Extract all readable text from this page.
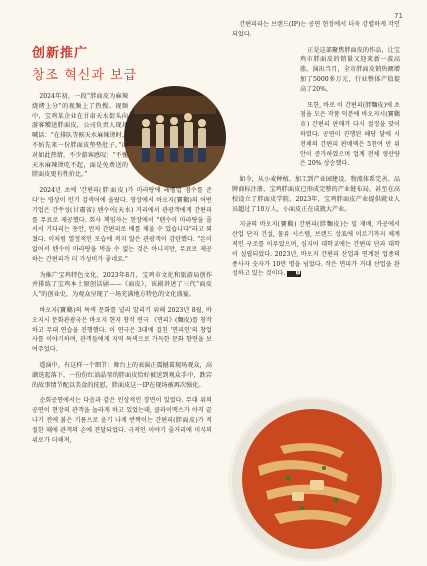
71
创新推广
창조 혁신과 보급

2024年初，一段“胖面皮为麻辣烧烤上分”的视频上了热搜。视频中，宝鸡某企业在甘肃天水街头向游客赠送胖面皮，公司负责人现场喊话：“在排队等候天水麻辣烫时，不妨先来一份胖面皮垫垫肚子。”面对如此热情，不少游客感叹：“不愧天水麻辣烫吃不起，面是免费送的胖面皮更有性价比。”

2024년 초에 '간편피(胖面皮)가 마라탕에 레벨업 점수를 준다'는 영상이 인기 검색어에 올랐다. 영상에서 바오지(寶鷄)의 어떤 기업은 간쑤성(甘肅省) 톈수이(天水) 거리에서 관광객에게 간편피를 무료로 제공했다. 회사 책임자는 현장에서 "텐수이 마라탕을 줄 서서 기다리는 동안, 먼저 간편피로 배를 채울 수 있습니다"라고 외쳤다. 이처럼 열정적인 모습에 적지 않은 관광객이 감탄했다. "돈이 없어서 텐수이 마라탕을 먹을 수 없는 것은 아니지만, 무료로 제공하는 간편피가 더 가성비가 좋네요."

为推广宝鸡特色文化，2023年8月，宝鸡市文化和旅游局创作并排练了宝鸡本土原创话剧——《面皮》，该剧讲述了三代“面皮人”的创业史，为观众呈现了一场充满地方特色的文化盛宴。

바오지(寶鷄)의 특색 문화를 널리 알리기 위해 2023년 8월, 바오지시 문화관광국은 바오지 현지 창작 연극 《면피》(麵皮)를 창작하고 무대 연습을 진행했다. 이 연극은 3대에 걸친 '면피인'의 창업사를 이야기하며, 관객들에게 지역 특색으로 가득한 문화 향연을 보여주었다.

遥演中，有这样一个细节：舞台上的表演正震撼着现场观众，高潮迭起落下，一份份红油晶莹的胖面皮恰好被送到观众手中，跌宕的故事情节配以美食的抚慰，胖面皮这一IP在现场被再次强化。

순회공연에서는 다음과 같은 인상적인 장면이 있었다. 무대 위의 공연이 현장의 관객을 놀라게 하고 있었는데, 클라이맥스가 아직 끝나기 전에 붉은 기름으로 윤기 나게 반짝이는 간편피(胖面皮)가 적절한 때에 관객의 손에 전달되었다. 극적인 이야기 줄거리에 미식의 위로가 더해져,

간편피라는 브랜드(IP)는 공연 현장에서 더욱 강렬하게 각인되었다.

正是这部聚焦胖面皮的作品，让宝鸡市胖面皮的销量又迎来新一波高涨。演出当月，全市胖面皮销售额增加了5000多万元，行业整体产值提高了20%。

또한, 바로 이 간편피(胖麵皮)에 초점을 모은 작품 덕분에 바오지시(寶鷄市) 간편피 판매가 다시 절정을 맞이하였다. 공연이 진행된 해당 달에 시 전체의 간편피 판매액은 5천여 만 위안이 증가하였으며 업계 전체 생산량은 20% 상승했다.

如今，从小麦种植、加工到产业园建设、物流体系完善、品牌商标注册，宝鸡胖面皮已形成完整的产业链布局，甚至在高校设立了胖面皮学院。2023年，宝鸡胖面皮产业提供就业人员超过了10万人，小面皮正在成就大产业。

지금의 바오지(寶鷄) 간편피(胖麵皮)는 밀 재배, 가공에서 산업 단지 건설, 물류 시스템, 브랜드 상표에 이르기까지 체계적인 구조를 이루었으며, 심지어 대학교에는 간편피 단과 대학이 설립되었다. 2023년, 바오지 간편피 산업과 연계된 업종의 종사자 숫자가 10만 명을 넘었다. 작은 면피가 거대 산업을 완성하고 있는 것이다. 🅷
